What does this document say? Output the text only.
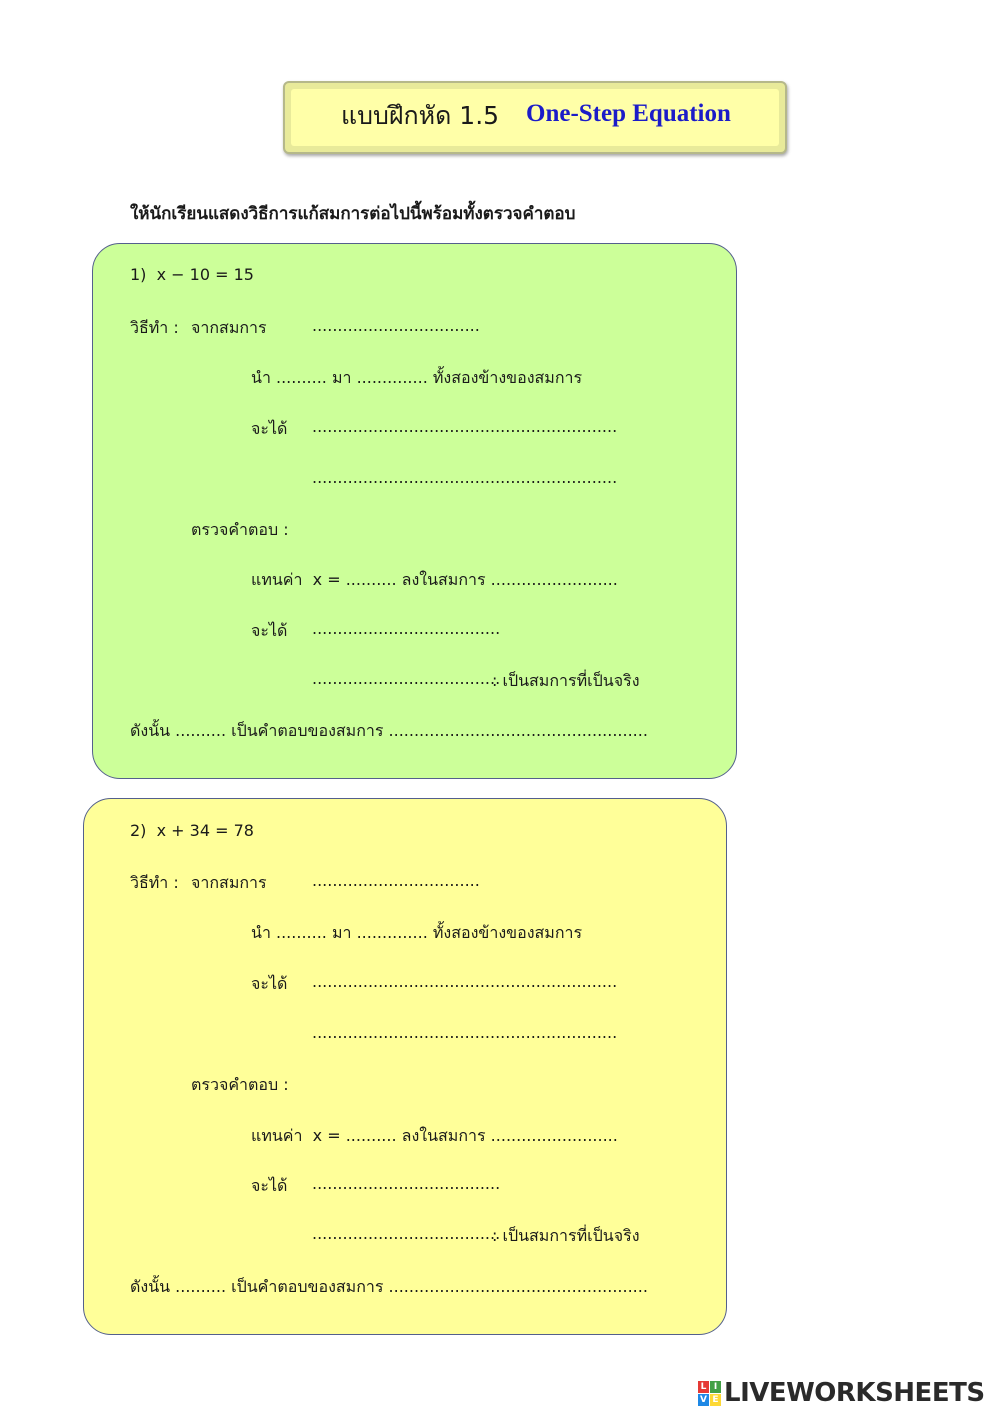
แบบฝึกหัด 1.5 One-Step Equation
ให้นักเรียนแสดงวิธีการแก้สมการต่อไปนี้พร้อมทั้งตรวจคำตอบ
1)  x − 10 = 15
วิธีทำ : จากสมการ	.................................
นำ .......... มา .............. ทั้งสองข้างของสมการ
จะได้ ............................................................
............................................................
ตรวจคำตอบ :
แทนค่า  x = .......... ลงในสมการ .........................
จะได้ .....................................
.....................................
: เป็นสมการที่เป็นจริง
ดังนั้น .......... เป็นคำตอบของสมการ ...................................................
2)  x + 34 = 78
วิธีทำ : จากสมการ	.................................
นำ .......... มา .............. ทั้งสองข้างของสมการ
จะได้ ............................................................
............................................................
ตรวจคำตอบ :
แทนค่า  x = .......... ลงในสมการ .........................
จะได้ .....................................
.....................................
: เป็นสมการที่เป็นจริง
ดังนั้น .......... เป็นคำตอบของสมการ ...................................................
L I
V E LIVEWORKSHEETS
